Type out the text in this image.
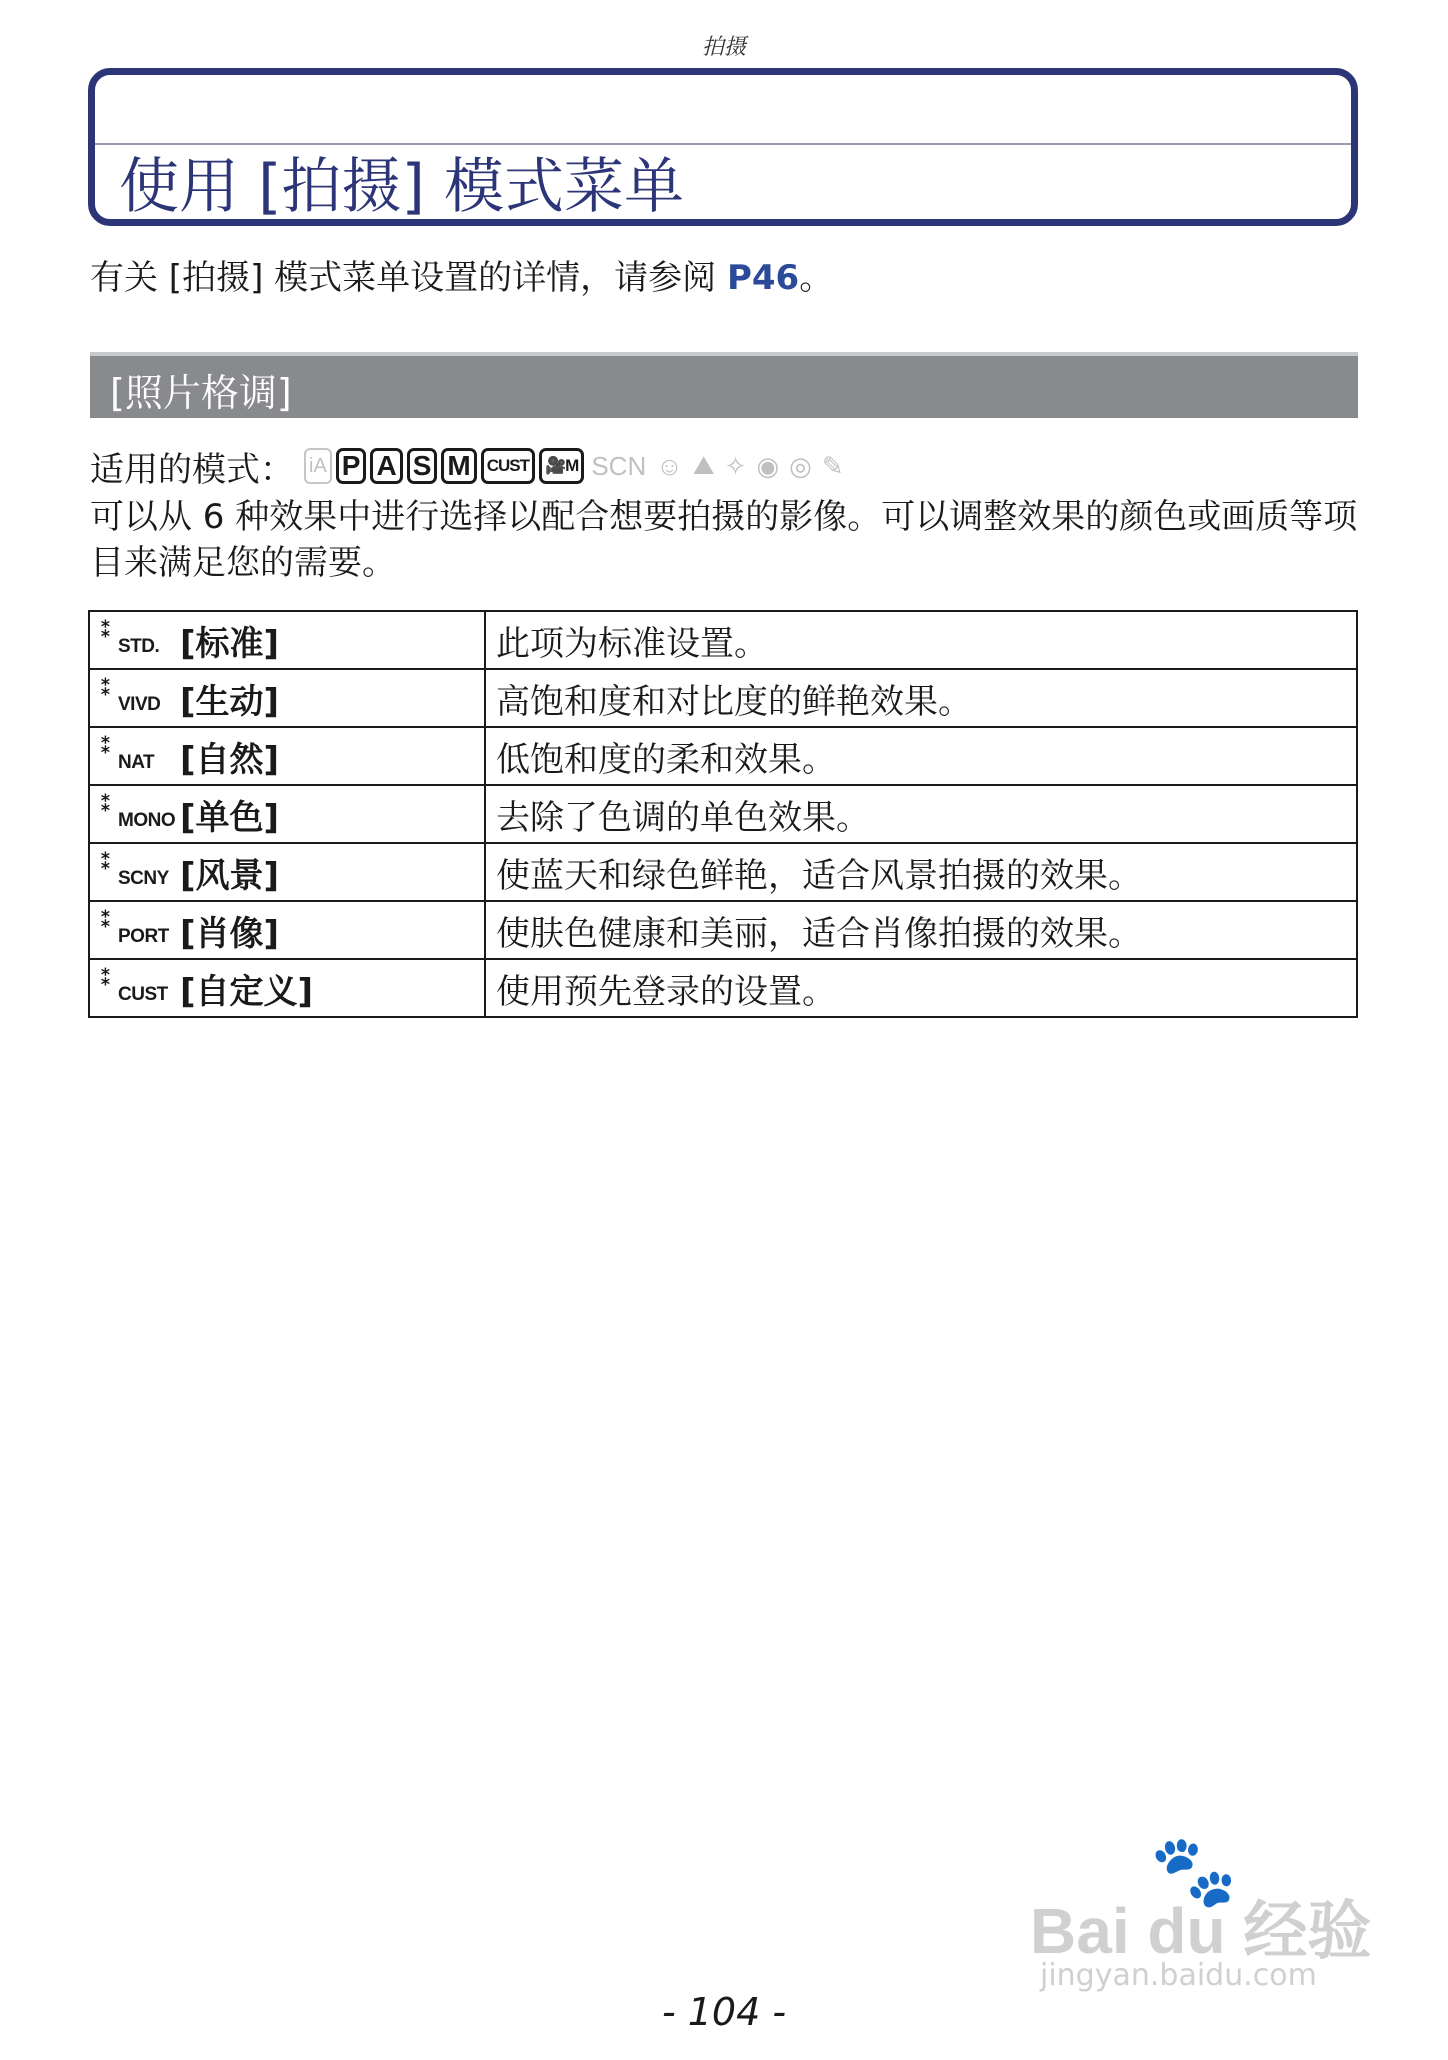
拍摄
使用 [拍摄] 模式菜单
有关 [拍摄] 模式菜单设置的详情，请参阅 P46。
[照片格调]
适用的模式： iA P A S M CUST 🎥M SCN ☺ ⛰ ✧ ◉ ◎ ✎
可以从 6 种效果中进行选择以配合想要拍摄的影像。可以调整效果的颜色或画质等项目来满足您的需要。
⁑
STD. [标准]	此项为标准设置。

⁑
VIVD [生动]	高饱和度和对比度的鲜艳效果。

⁑
NAT [自然]	低饱和度的柔和效果。

⁑
MONO [单色]	去除了色调的单色效果。

⁑
SCNY [风景]	使蓝天和绿色鲜艳，适合风景拍摄的效果。

⁑
PORT [肖像]	使肤色健康和美丽，适合肖像拍摄的效果。

⁑
CUST [自定义]	使用预先登录的设置。
🐾
Bai du 经验
jingyan.baidu.com
- 104 -
